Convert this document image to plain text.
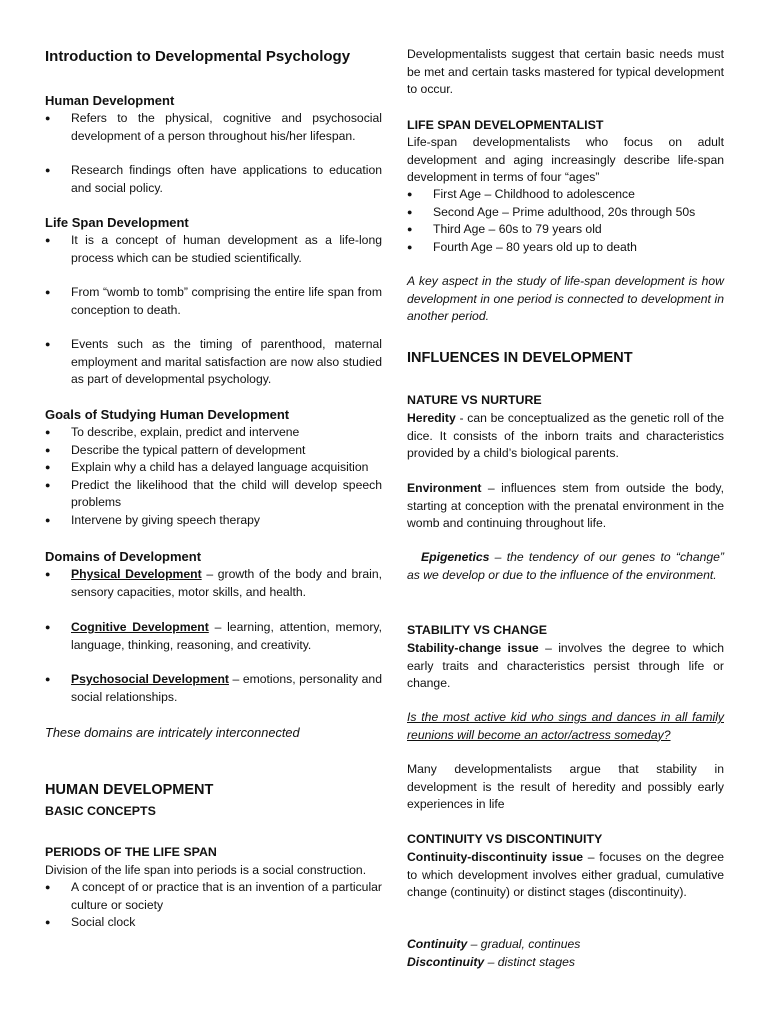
Introduction to Developmental Psychology
Human Development
● Refers to the physical, cognitive and psychosocial development of a person throughout his/her lifespan.
● Research findings often have applications to education and social policy.
Life Span Development
● It is a concept of human development as a life-long process which can be studied scientifically.
● From “womb to tomb” comprising the entire life span from conception to death.
● Events such as the timing of parenthood, maternal employment and marital satisfaction are now also studied as part of developmental psychology.
Goals of Studying Human Development
● To describe, explain, predict and intervene
● Describe the typical pattern of development
● Explain why a child has a delayed language acquisition
● Predict the likelihood that the child will develop speech problems
● Intervene by giving speech therapy
Domains of Development
● Physical Development – growth of the body and brain, sensory capacities, motor skills, and health.
● Cognitive Development – learning, attention, memory, language, thinking, reasoning, and creativity.
● Psychosocial Development – emotions, personality and social relationships.
These domains are intricately interconnected
HUMAN DEVELOPMENT
BASIC CONCEPTS
PERIODS OF THE LIFE SPAN
Division of the life span into periods is a social construction.
● A concept of or practice that is an invention of a particular culture or society
● Social clock
Developmentalists suggest that certain basic needs must be met and certain tasks mastered for typical development to occur.
LIFE SPAN DEVELOPMENTALIST
Life-span developmentalists who focus on adult development and aging increasingly describe life-span development in terms of four “ages”
● First Age – Childhood to adolescence
● Second Age – Prime adulthood, 20s through 50s
● Third Age – 60s to 79 years old
● Fourth Age – 80 years old up to death
A key aspect in the study of life-span development is how development in one period is connected to development in another period.
INFLUENCES IN DEVELOPMENT
NATURE VS NURTURE
Heredity - can be conceptualized as the genetic roll of the dice. It consists of the inborn traits and characteristics provided by a child’s biological parents.
Environment – influences stem from outside the body, starting at conception with the prenatal environment in the womb and continuing throughout life.
Epigenetics – the tendency of our genes to “change” as we develop or due to the influence of the environment.
STABILITY VS CHANGE
Stability-change issue – involves the degree to which early traits and characteristics persist through life or change.
Is the most active kid who sings and dances in all family reunions will become an actor/actress someday?
Many developmentalists argue that stability in development is the result of heredity and possibly early experiences in life
CONTINUITY VS DISCONTINUITY
Continuity-discontinuity issue – focuses on the degree to which development involves either gradual, cumulative change (continuity) or distinct stages (discontinuity).
Continuity – gradual, continues
Discontinuity – distinct stages
